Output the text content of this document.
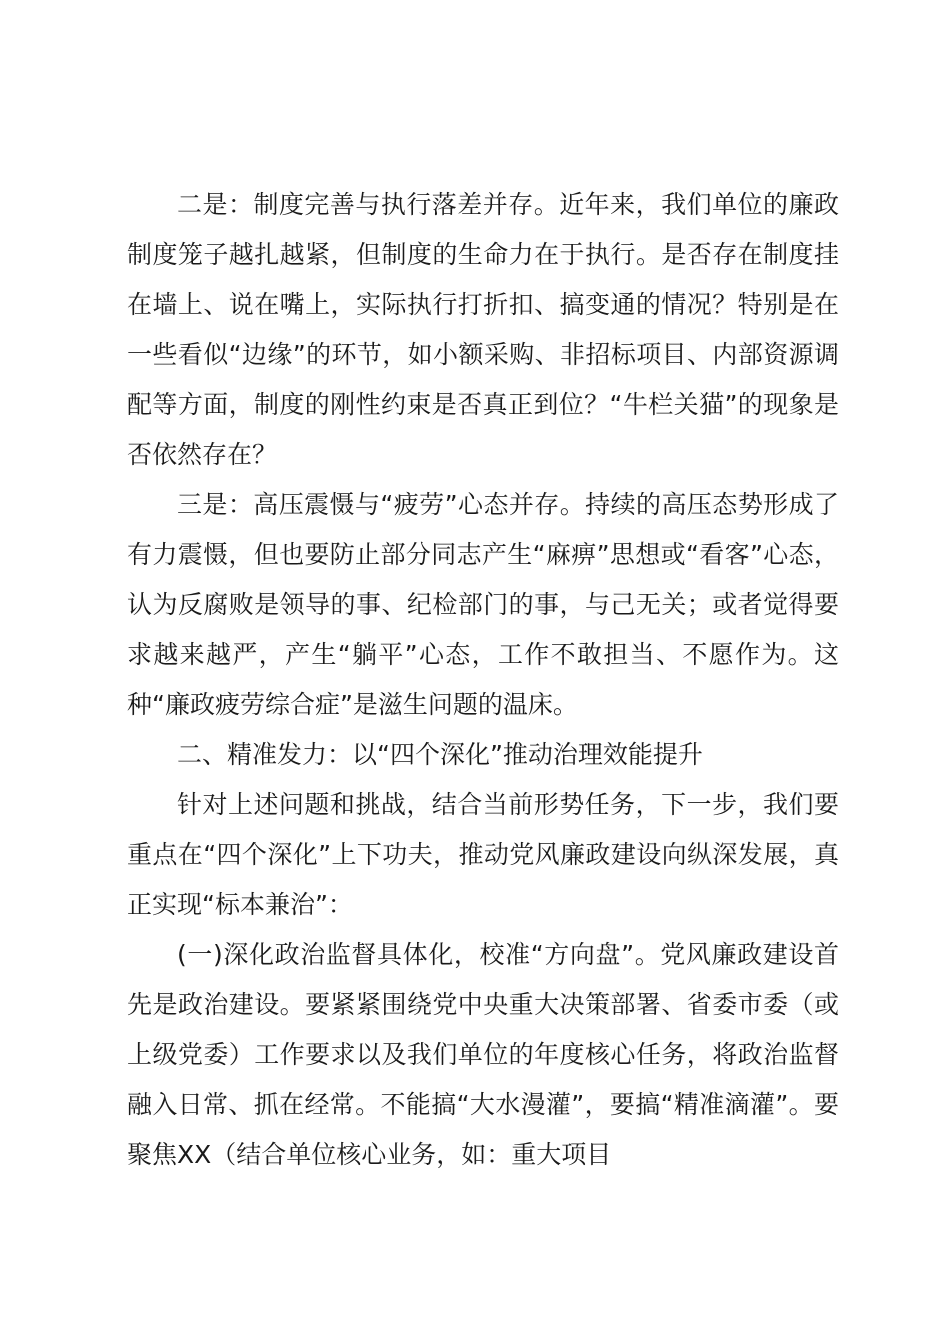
二是：制度完善与执行落差并存。近年来，我们单位的廉政制度笼子越扎越紧，但制度的生命力在于执行。是否存在制度挂在墙上、说在嘴上，实际执行打折扣、搞变通的情况？特别是在一些看似“边缘”的环节，如小额采购、非招标项目、内部资源调配等方面，制度的刚性约束是否真正到位？“牛栏关猫”的现象是否依然存在？

三是：高压震慑与“疲劳”心态并存。持续的高压态势形成了有力震慑，但也要防止部分同志产生“麻痹”思想或“看客”心态，认为反腐败是领导的事、纪检部门的事，与己无关；或者觉得要求越来越严，产生“躺平”心态，工作不敢担当、不愿作为。这种“廉政疲劳综合症”是滋生问题的温床。

二、精准发力：以“四个深化”推动治理效能提升

针对上述问题和挑战，结合当前形势任务，下一步，我们要重点在“四个深化”上下功夫，推动党风廉政建设向纵深发展，真正实现“标本兼治”：

(一)深化政治监督具体化，校准“方向盘”。党风廉政建设首先是政治建设。要紧紧围绕党中央重大决策部署、省委市委（或上级党委）工作要求以及我们单位的年度核心任务，将政治监督融入日常、抓在经常。不能搞“大水漫灌”，要搞“精准滴灌”。要聚焦XX（结合单位核心业务，如：重大项目
